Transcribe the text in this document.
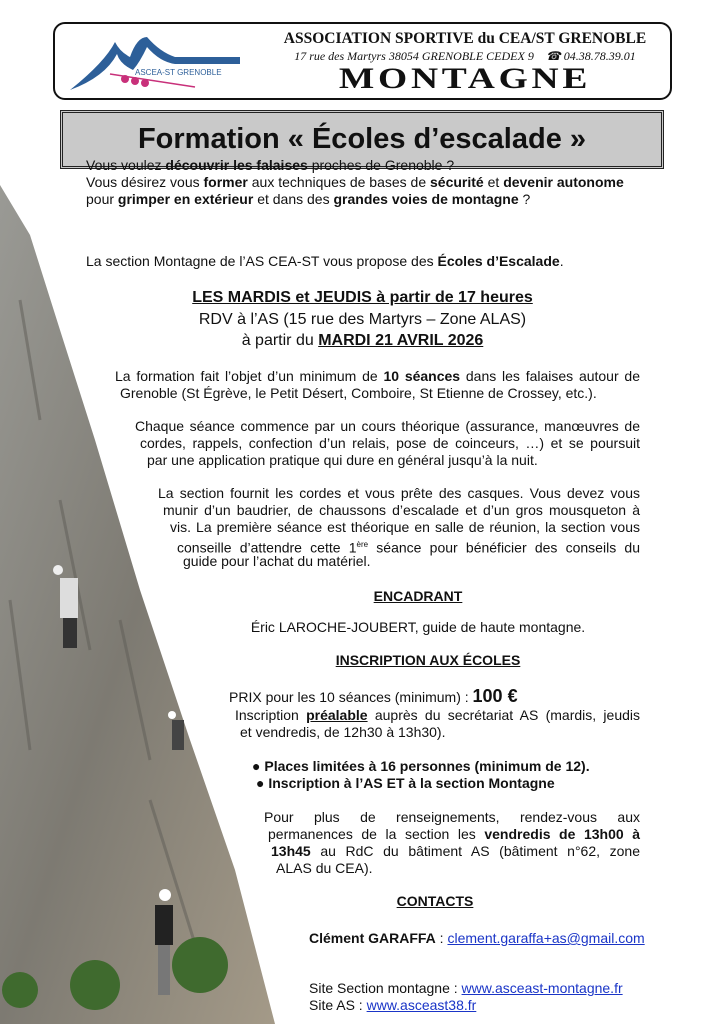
ASCEA-ST GRENOBLE
ASSOCIATION SPORTIVE du CEA/ST GRENOBLE
17 rue des Martyrs 38054 GRENOBLE CEDEX 9 ☎ 04.38.78.39.01
MONTAGNE
Formation « Écoles d’escalade »
Vous voulez découvrir les falaises proches de Grenoble ?
Vous désirez vous former aux techniques de bases de sécurité et devenir autonome
pour grimper en extérieur et dans des grandes voies de montagne ?
La section Montagne de l’AS CEA-ST vous propose des Écoles d’Escalade.
LES MARDIS et JEUDIS à partir de 17 heures
RDV à l’AS (15 rue des Martyrs – Zone ALAS)
à partir du MARDI 21 AVRIL 2026
La formation fait l’objet d’un minimum de 10 séances dans les falaises autour de
Grenoble (St Égrève, le Petit Désert, Comboire, St Etienne de Crossey, etc.).
Chaque séance commence par un cours théorique (assurance, manœuvres de
cordes, rappels, confection d’un relais, pose de coinceurs, …) et se poursuit
par une application pratique qui dure en général jusqu’à la nuit.
La section fournit les cordes et vous prête des casques. Vous devez vous
munir d’un baudrier, de chaussons d’escalade et d’un gros mousqueton à
vis. La première séance est théorique en salle de réunion, la section vous
conseille d’attendre cette 1ère séance pour bénéficier des conseils du
guide pour l’achat du matériel.
ENCADRANT
Éric LAROCHE-JOUBERT, guide de haute montagne.
INSCRIPTION AUX ÉCOLES
PRIX pour les 10 séances (minimum) : 100 €
Inscription préalable auprès du secrétariat AS (mardis, jeudis
et vendredis, de 12h30 à 13h30).
● Places limitées à 16 personnes (minimum de 12).
● Inscription à l’AS ET à la section Montagne
Pour plus de renseignements, rendez-vous aux
permanences de la section les vendredis de 13h00 à
13h45 au RdC du bâtiment AS (bâtiment n°62, zone
ALAS du CEA).
CONTACTS
Clément GARAFFA : clement.garaffa+as@gmail.com
Site Section montagne : www.asceast-montagne.fr
Site AS : www.asceast38.fr
